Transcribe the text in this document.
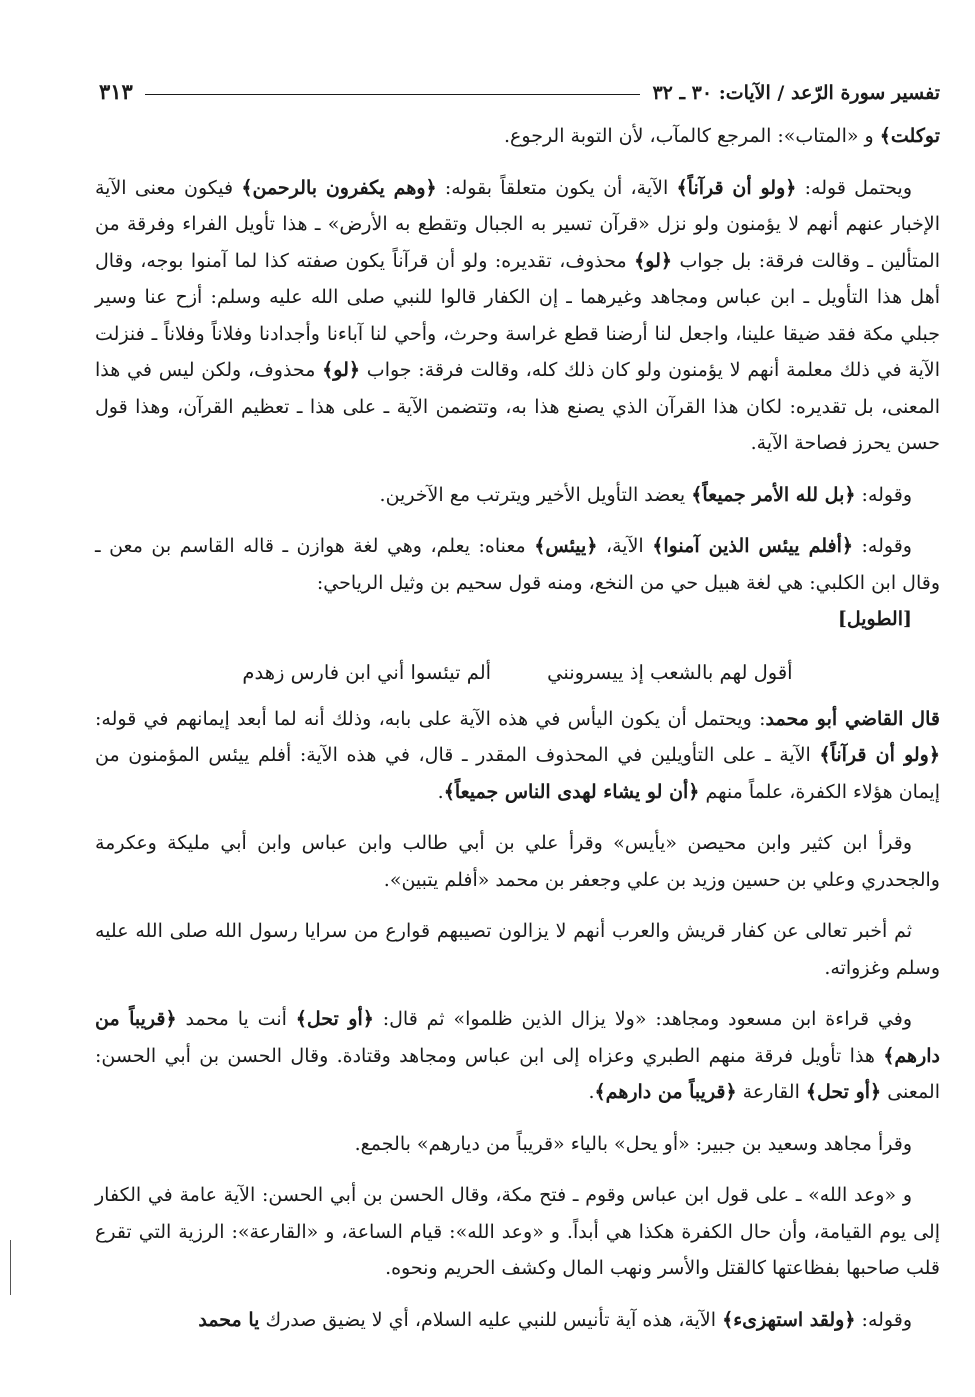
تفسير سورة الرّعد / الآيات: ٣٠ ـ ٣٢
٣١٣

توكلت﴾ و «المتاب»: المرجع كالمآب، لأن التوبة الرجوع.

ويحتمل قوله: ﴿ولو أن قرآناً﴾ الآية، أن يكون متعلقاً بقوله: ﴿وهم يكفرون بالرحمن﴾ فيكون معنى الآية الإخبار عنهم أنهم لا يؤمنون ولو نزل «قرآن تسير به الجبال وتقطع به الأرض» ـ هذا تأويل الفراء وفرقة من المتألين ـ وقالت فرقة: بل جواب ﴿لو﴾ محذوف، تقديره: ولو أن قرآناً يكون صفته كذا لما آمنوا بوجه، وقال أهل هذا التأويل ـ ابن عباس ومجاهد وغيرهما ـ إن الكفار قالوا للنبي صلى الله عليه وسلم: أزح عنا وسير جبلي مكة فقد ضيقا علينا، واجعل لنا أرضنا قطع غراسة وحرث، وأحي لنا آباءنا وأجدادنا وفلاناً وفلاناً ـ فنزلت الآية في ذلك معلمة أنهم لا يؤمنون ولو كان ذلك كله، وقالت فرقة: جواب ﴿لو﴾ محذوف، ولكن ليس في هذا المعنى، بل تقديره: لكان هذا القرآن الذي يصنع هذا به، وتتضمن الآية ـ على هذا ـ تعظيم القرآن، وهذا قول حسن يحرز فصاحة الآية.

وقوله: ﴿بل لله الأمر جميعاً﴾ يعضد التأويل الأخير ويترتب مع الآخرين.

وقوله: ﴿أفلم ييئس الذين آمنوا﴾ الآية، ﴿ييئس﴾ معناه: يعلم، وهي لغة هوازن ـ قاله القاسم بن معن ـ وقال ابن الكلبي: هي لغة هبيل حي من النخع، ومنه قول سحيم بن وثيل الرياحي:
[الطويل]

أقول لهم بالشعب إذ ييسرونني
ألم تيئسوا أني ابن فارس زهدم

قال القاضي أبو محمد: ويحتمل أن يكون اليأس في هذه الآية على بابه، وذلك أنه لما أبعد إيمانهم في قوله: ﴿ولو أن قرآناً﴾ الآية ـ على التأويلين في المحذوف المقدر ـ قال، في هذه الآية: أفلم ييئس المؤمنون من إيمان هؤلاء الكفرة، علماً منهم ﴿أن لو يشاء لهدى الناس جميعاً﴾.

وقرأ ابن كثير وابن محيصن «يأيس» وقرأ علي بن أبي طالب وابن عباس وابن أبي مليكة وعكرمة والجحدري وعلي بن حسين وزيد بن علي وجعفر بن محمد «أفلم يتبين».

ثم أخبر تعالى عن كفار قريش والعرب أنهم لا يزالون تصيبهم قوارع من سرايا رسول الله صلى الله عليه وسلم وغزواته.

وفي قراءة ابن مسعود ومجاهد: «ولا يزال الذين ظلموا» ثم قال: ﴿أو تحل﴾ أنت يا محمد ﴿قريباً من دارهم﴾ هذا تأويل فرقة منهم الطبري وعزاه إلى ابن عباس ومجاهد وقتادة. وقال الحسن بن أبي الحسن: المعنى ﴿أو تحل﴾ القارعة ﴿قريباً من دارهم﴾.

وقرأ مجاهد وسعيد بن جبير: «أو يحل» بالياء «قريباً من ديارهم» بالجمع.

و «وعد الله» ـ على قول ابن عباس وقوم ـ فتح مكة، وقال الحسن بن أبي الحسن: الآية عامة في الكفار إلى يوم القيامة، وأن حال الكفرة هكذا هي أبداً. و «وعد الله»: قيام الساعة، و «القارعة»: الرزية التي تقرع قلب صاحبها بفظاعتها كالقتل والأسر ونهب المال وكشف الحريم ونحوه.

وقوله: ﴿ولقد استهزىء﴾ الآية، هذه آية تأنيس للنبي عليه السلام، أي لا يضيق صدرك يا محمد
